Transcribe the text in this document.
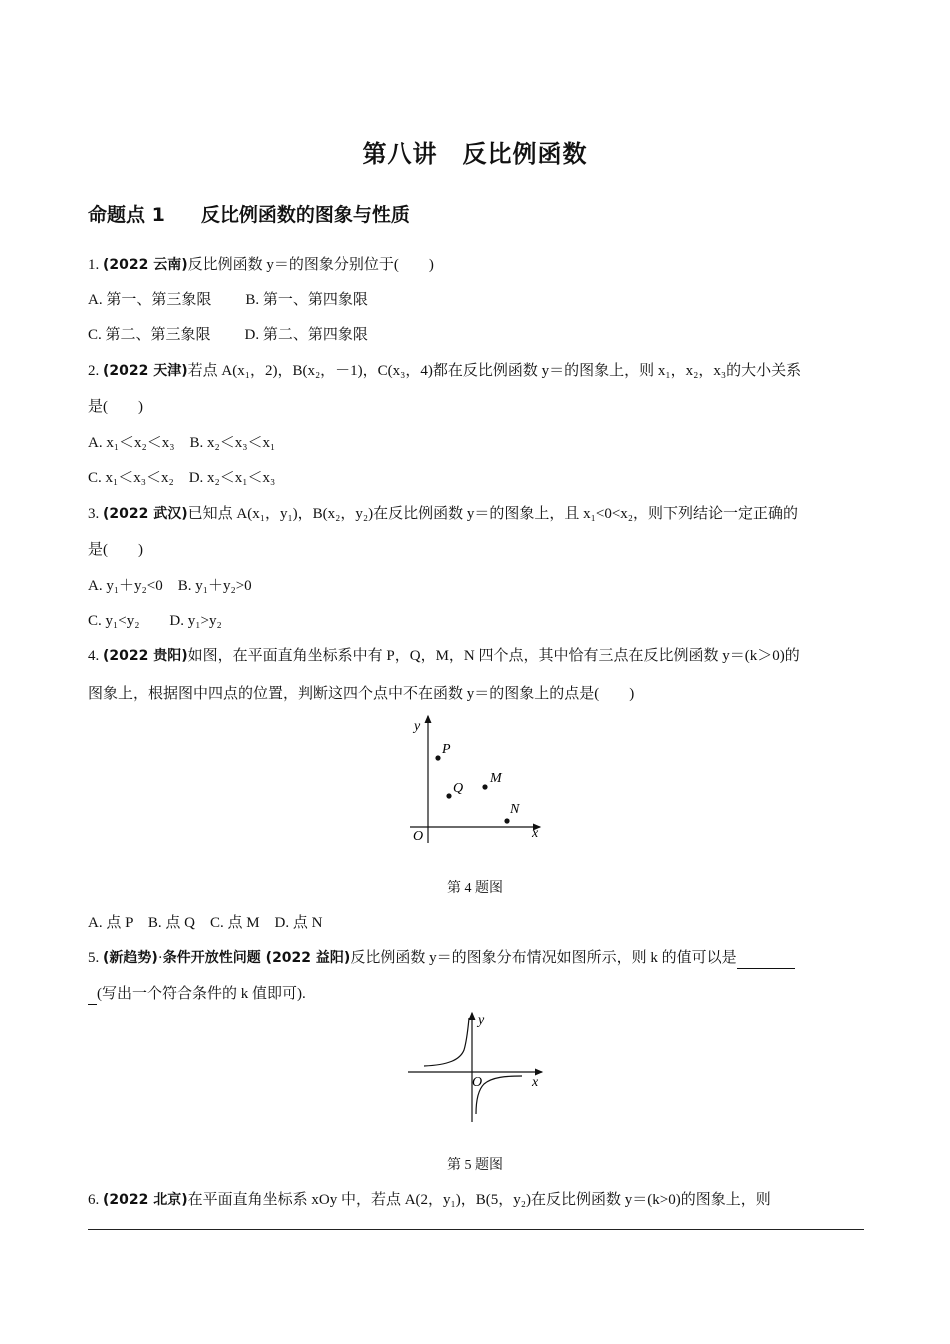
第八讲　反比例函数
命题点 1 反比例函数的图象与性质
1. (2022 云南)反比例函数 y＝的图象分别位于(　　)
A. 第一、第三象限 B. 第一、第四象限
C. 第二、第三象限 D. 第二、第四象限
2. (2022 天津)若点 A(x₁，2)，B(x₂，－1)，C(x₃，4)都在反比例函数 y＝的图象上，则 x₁，x₂，x₃的大小关系
是(　　)
A. x₁＜x₂＜x₃　B. x₂＜x₃＜x₁
C. x₁＜x₃＜x₂　D. x₂＜x₁＜x₃
3. (2022 武汉)已知点 A(x₁，y₁)，B(x₂，y₂)在反比例函数 y＝的图象上，且 x₁<0<x₂，则下列结论一定正确的
是(　　)
A. y₁＋y₂<0　B. y₁＋y₂>0
C. y₁<y₂　　D. y₁>y₂
4. (2022 贵阳)如图，在平面直角坐标系中有 P，Q，M，N 四个点，其中恰有三点在反比例函数 y＝(k＞0)的
图象上，根据图中四点的位置，判断这四个点中不在函数 y＝的图象上的点是(　　)
y
x
O
P
Q
M
N
第 4 题图
A. 点 P　B. 点 Q　C. 点 M　D. 点 N
5. (新趋势)·条件开放性问题 (2022 益阳)反比例函数 y＝的图象分布情况如图所示，则 k 的值可以是
(写出一个符合条件的 k 值即可).
y
x
O
第 5 题图
6. (2022 北京)在平面直角坐标系 xOy 中，若点 A(2，y₁)，B(5，y₂)在反比例函数 y＝(k>0)的图象上，则
